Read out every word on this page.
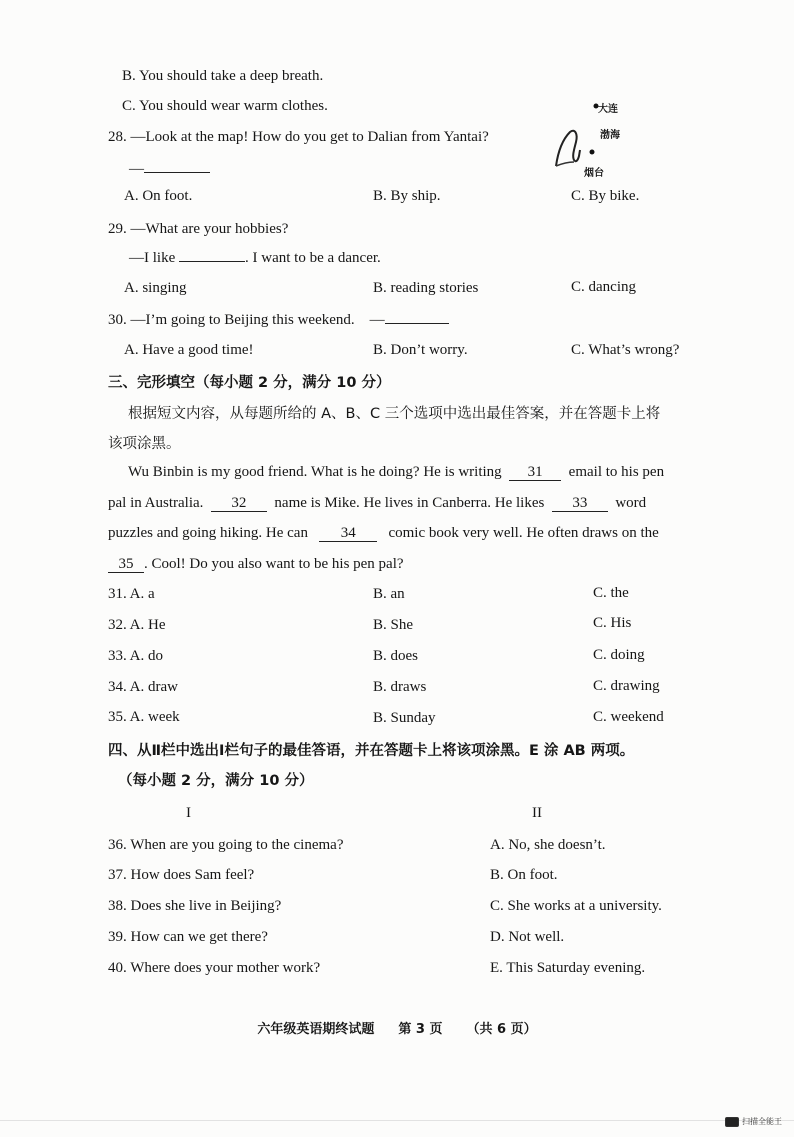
B. You should take a deep breath.
C. You should wear warm clothes.
28. —Look at the map! How do you get to Dalian from Yantai?
—
大连
渤海
烟台
A. On foot.	B. By ship.	C. By bike.
29. —What are your hobbies?
—I like	. I want to be a dancer.
A. singing	B. reading stories	C. dancing
30. —I’m going to Beijing this weekend. —
A. Have a good time!	B. Don’t worry.	C. What’s wrong?
三、完形填空（每小题 2 分，满分 10 分）
根据短文内容，从每题所给的 A、B、C 三个选项中选出最佳答案，并在答题卡上将
该项涂黑。
Wu Binbin is my good friend. What is he doing? He is writing 31 email to his pen
pal in Australia. 32 name is Mike. He lives in Canberra. He likes 33 word
puzzles and going hiking. He can 34 comic book very well. He often draws on the
35 . Cool! Do you also want to be his pen pal?
31. A. a	B. an	C. the
32. A. He	B. She	C. His
33. A. do	B. does	C. doing
34. A. draw	B. draws	C. drawing
35. A. week	B. Sunday	C. weekend
四、从Ⅱ栏中选出Ⅰ栏句子的最佳答语，并在答题卡上将该项涂黑。E 涂 AB 两项。
（每小题 2 分，满分 10 分）
I	II
36. When are you going to the cinema?	A. No, she doesn’t.
37. How does Sam feel?	B. On foot.
38. Does she live in Beijing?	C. She works at a university.
39. How can we get there?	D. Not well.
40. Where does your mother work?	E. This Saturday evening.
六年级英语期终试题 第 3 页 （共 6 页）
扫描全能王
